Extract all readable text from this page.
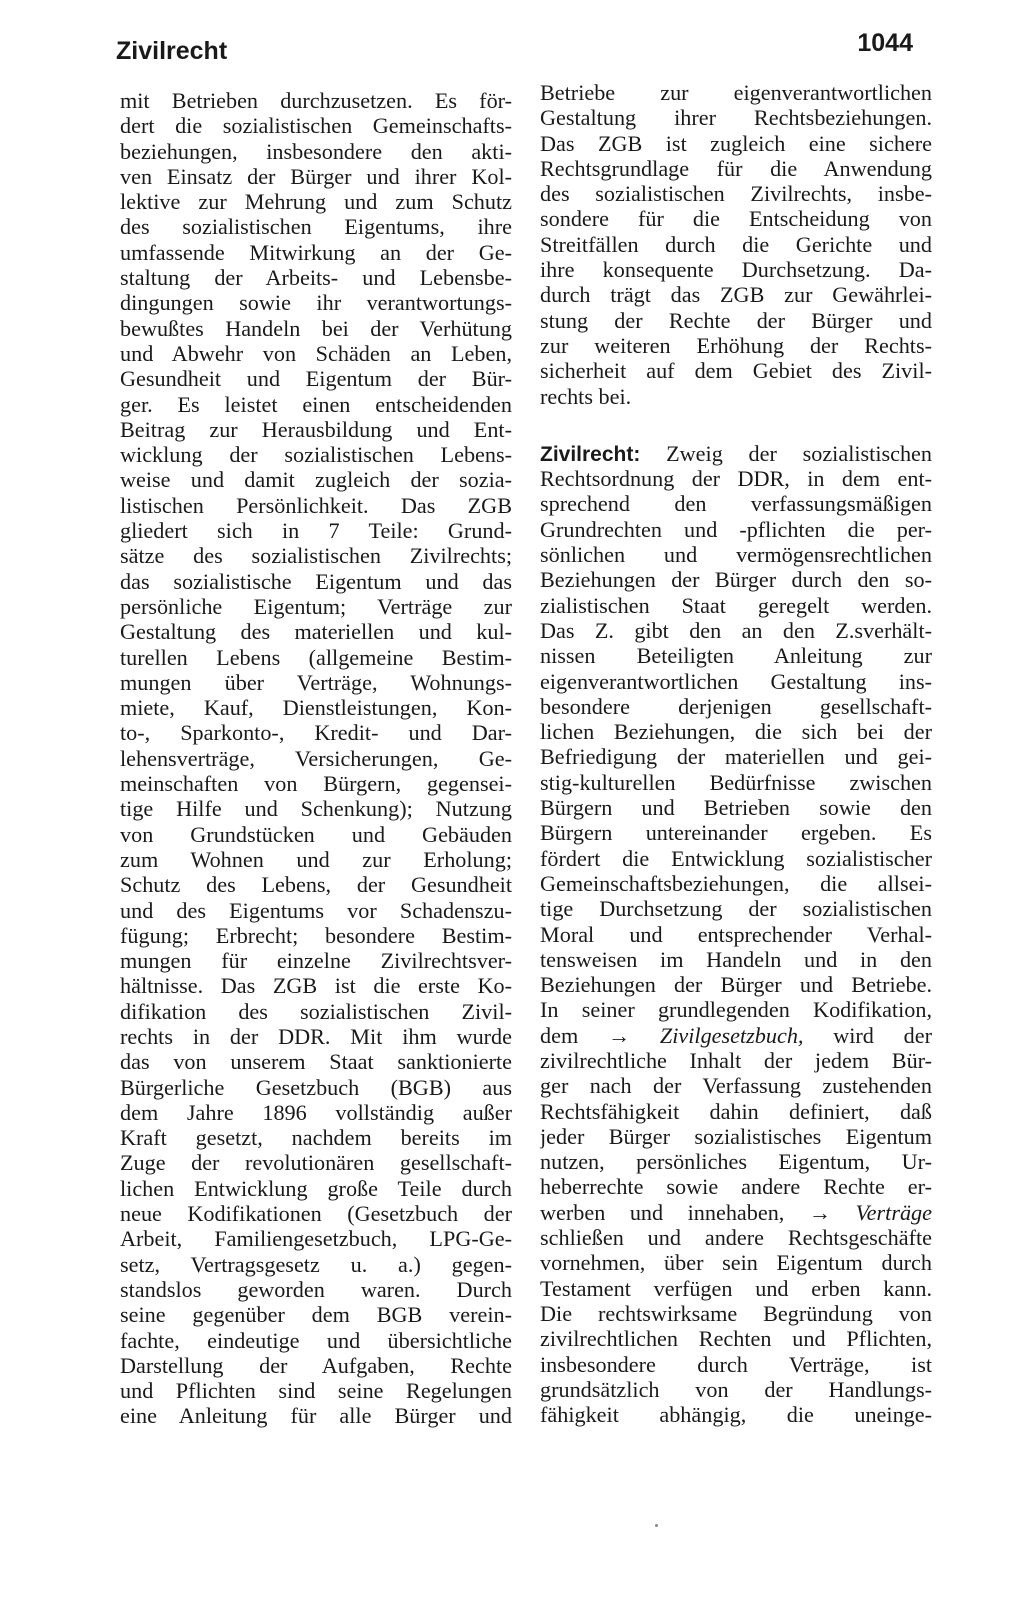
Zivilrecht	1044
mit Betrieben durchzusetzen. Es för-
dert die sozialistischen Gemeinschafts-
beziehungen, insbesondere den akti-
ven Einsatz der Bürger und ihrer Kol-
lektive zur Mehrung und zum Schutz
des sozialistischen Eigentums, ihre
umfassende Mitwirkung an der Ge-
staltung der Arbeits- und Lebensbe-
dingungen sowie ihr verantwortungs-
bewußtes Handeln bei der Verhütung
und Abwehr von Schäden an Leben,
Gesundheit und Eigentum der Bür-
ger. Es leistet einen entscheidenden
Beitrag zur Herausbildung und Ent-
wicklung der sozialistischen Lebens-
weise und damit zugleich der sozia-
listischen Persönlichkeit. Das ZGB
gliedert sich in 7 Teile: Grund-
sätze des sozialistischen Zivilrechts;
das sozialistische Eigentum und das
persönliche Eigentum; Verträge zur
Gestaltung des materiellen und kul-
turellen Lebens (allgemeine Bestim-
mungen über Verträge, Wohnungs-
miete, Kauf, Dienstleistungen, Kon-
to-, Sparkonto-, Kredit- und Dar-
lehensverträge, Versicherungen, Ge-
meinschaften von Bürgern, gegensei-
tige Hilfe und Schenkung); Nutzung
von Grundstücken und Gebäuden
zum Wohnen und zur Erholung;
Schutz des Lebens, der Gesundheit
und des Eigentums vor Schadenszu-
fügung; Erbrecht; besondere Bestim-
mungen für einzelne Zivilrechtsver-
hältnisse. Das ZGB ist die erste Ko-
difikation des sozialistischen Zivil-
rechts in der DDR. Mit ihm wurde
das von unserem Staat sanktionierte
Bürgerliche Gesetzbuch (BGB) aus
dem Jahre 1896 vollständig außer
Kraft gesetzt, nachdem bereits im
Zuge der revolutionären gesellschaft-
lichen Entwicklung große Teile durch
neue Kodifikationen (Gesetzbuch der
Arbeit, Familiengesetzbuch, LPG-Ge-
setz, Vertragsgesetz u. a.) gegen-
standslos geworden waren. Durch
seine gegenüber dem BGB verein-
fachte, eindeutige und übersichtliche
Darstellung der Aufgaben, Rechte
und Pflichten sind seine Regelungen
eine Anleitung für alle Bürger und
Betriebe zur eigenverantwortlichen
Gestaltung ihrer Rechtsbeziehungen.
Das ZGB ist zugleich eine sichere
Rechtsgrundlage für die Anwendung
des sozialistischen Zivilrechts, insbe-
sondere für die Entscheidung von
Streitfällen durch die Gerichte und
ihre konsequente Durchsetzung. Da-
durch trägt das ZGB zur Gewährlei-
stung der Rechte der Bürger und
zur weiteren Erhöhung der Rechts-
sicherheit auf dem Gebiet des Zivil-
rechts bei.
Zivilrecht: Zweig der sozialistischen
Rechtsordnung der DDR, in dem ent-
sprechend den verfassungsmäßigen
Grundrechten und -pflichten die per-
sönlichen und vermögensrechtlichen
Beziehungen der Bürger durch den so-
zialistischen Staat geregelt werden.
Das Z. gibt den an den Z.sverhält-
nissen Beteiligten Anleitung zur
eigenverantwortlichen Gestaltung ins-
besondere derjenigen gesellschaft-
lichen Beziehungen, die sich bei der
Befriedigung der materiellen und gei-
stig-kulturellen Bedürfnisse zwischen
Bürgern und Betrieben sowie den
Bürgern untereinander ergeben. Es
fördert die Entwicklung sozialistischer
Gemeinschaftsbeziehungen, die allsei-
tige Durchsetzung der sozialistischen
Moral und entsprechender Verhal-
tensweisen im Handeln und in den
Beziehungen der Bürger und Betriebe.
In seiner grundlegenden Kodifikation,
dem → Zivilgesetzbuch, wird der
zivilrechtliche Inhalt der jedem Bür-
ger nach der Verfassung zustehenden
Rechtsfähigkeit dahin definiert, daß
jeder Bürger sozialistisches Eigentum
nutzen, persönliches Eigentum, Ur-
heberrechte sowie andere Rechte er-
werben und innehaben, → Verträge
schließen und andere Rechtsgeschäfte
vornehmen, über sein Eigentum durch
Testament verfügen und erben kann.
Die rechtswirksame Begründung von
zivilrechtlichen Rechten und Pflichten,
insbesondere durch Verträge, ist
grundsätzlich von der Handlungs-
fähigkeit abhängig, die uneinge-
